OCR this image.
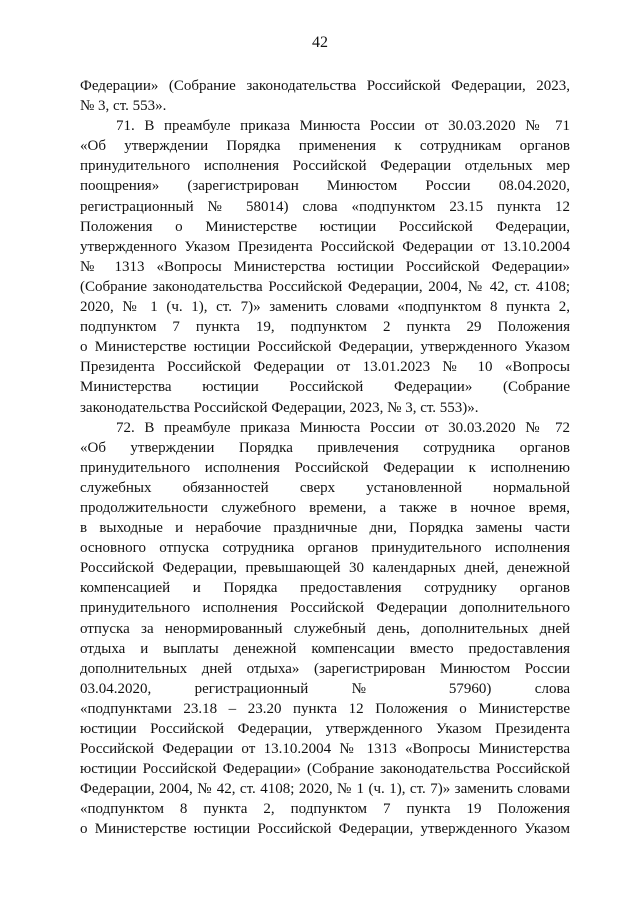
42

Федерации» (Собрание законодательства Российской Федерации, 2023,
№ 3, ст. 553».

71. В преамбуле приказа Минюста России от 30.03.2020 № 71
«Об утверждении Порядка применения к сотрудникам органов
принудительного исполнения Российской Федерации отдельных мер
поощрения» (зарегистрирован Минюстом России 08.04.2020,
регистрационный № 58014) слова «подпунктом 23.15 пункта 12
Положения о Министерстве юстиции Российской Федерации,
утвержденного Указом Президента Российской Федерации от 13.10.2004
№ 1313 «Вопросы Министерства юстиции Российской Федерации»
(Собрание законодательства Российской Федерации, 2004, № 42, ст. 4108;
2020, № 1 (ч. 1), ст. 7)» заменить словами «подпунктом 8 пункта 2,
подпунктом 7 пункта 19, подпунктом 2 пункта 29 Положения
о Министерстве юстиции Российской Федерации, утвержденного Указом
Президента Российской Федерации от 13.01.2023 № 10 «Вопросы
Министерства юстиции Российской Федерации» (Собрание
законодательства Российской Федерации, 2023, № 3, ст. 553)».

72. В преамбуле приказа Минюста России от 30.03.2020 № 72
«Об утверждении Порядка привлечения сотрудника органов
принудительного исполнения Российской Федерации к исполнению
служебных обязанностей сверх установленной нормальной
продолжительности служебного времени, а также в ночное время,
в выходные и нерабочие праздничные дни, Порядка замены части
основного отпуска сотрудника органов принудительного исполнения
Российской Федерации, превышающей 30 календарных дней, денежной
компенсацией и Порядка предоставления сотруднику органов
принудительного исполнения Российской Федерации дополнительного
отпуска за ненормированный служебный день, дополнительных дней
отдыха и выплаты денежной компенсации вместо предоставления
дополнительных дней отдыха» (зарегистрирован Минюстом России
03.04.2020, регистрационный № 57960) слова
«подпунктами 23.18 – 23.20 пункта 12 Положения о Министерстве
юстиции Российской Федерации, утвержденного Указом Президента
Российской Федерации от 13.10.2004 № 1313 «Вопросы Министерства
юстиции Российской Федерации» (Собрание законодательства Российской
Федерации, 2004, № 42, ст. 4108; 2020, № 1 (ч. 1), ст. 7)» заменить словами
«подпунктом 8 пункта 2, подпунктом 7 пункта 19 Положения
о Министерстве юстиции Российской Федерации, утвержденного Указом
